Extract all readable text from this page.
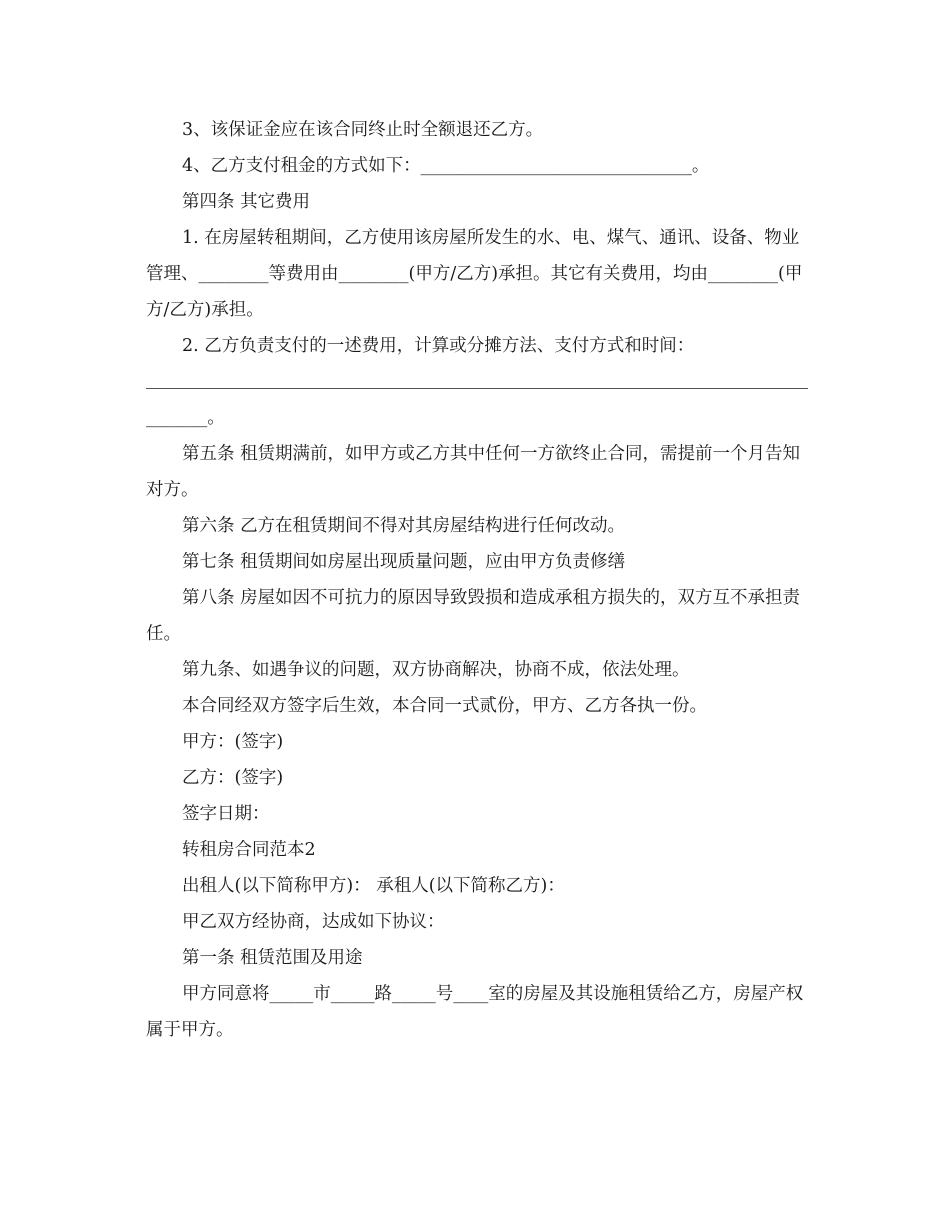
3、该保证金应在该合同终止时全额退还乙方。

4、乙方支付租金的方式如下：_______________________________。

第四条 其它费用

1. 在房屋转租期间，乙方使用该房屋所发生的水、电、煤气、通讯、设备、物业管理、________等费用由________(甲方/乙方)承担。其它有关费用，均由________(甲方/乙方)承担。

2. 乙方负责支付的一述费用，计算或分摊方法、支付方式和时间：

_______。

第五条 租赁期满前，如甲方或乙方其中任何一方欲终止合同，需提前一个月告知对方。

第六条 乙方在租赁期间不得对其房屋结构进行任何改动。

第七条 租赁期间如房屋出现质量问题，应由甲方负责修缮

第八条 房屋如因不可抗力的原因导致毁损和造成承租方损失的，双方互不承担责任。

第九条、如遇争议的问题，双方协商解决，协商不成，依法处理。

本合同经双方签字后生效，本合同一式贰份，甲方、乙方各执一份。

甲方：(签字)

乙方：(签字)

签字日期：

转租房合同范本2

出租人(以下简称甲方)： 承租人(以下简称乙方)：

甲乙双方经协商，达成如下协议：

第一条 租赁范围及用途

甲方同意将_____市_____路_____号____室的房屋及其设施租赁给乙方，房屋产权属于甲方。
